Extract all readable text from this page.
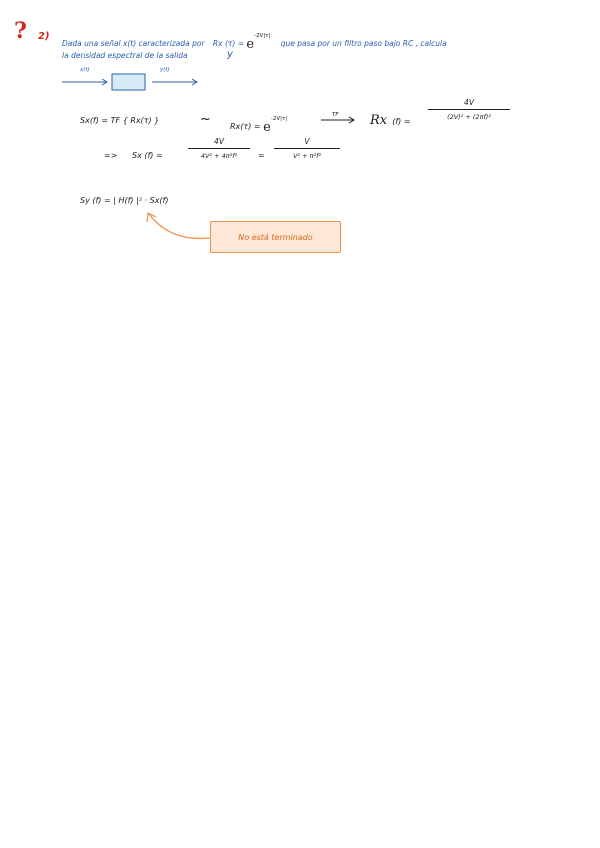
? 2)
Dada una señal x(t) caracterizada por Rx $(\tau) = e^{-2V|\tau|}$ que pasa por un filtro paso bajo RC , calcula
la densidad espectral de la salida	y
x(t)	y(t)
Sx(f) = TF { Rx(τ) }	~ $Rx(\tau) = e^{-2V|\tau|}$
TF Rx (f) =
4V
(2V)² + (2πf)²
=> Sx (f) =
4V
4V² + 4π²f²	=
V
V² + π²f²
Sy (f) = | H(f) |² · Sx(f)
No está terminado
